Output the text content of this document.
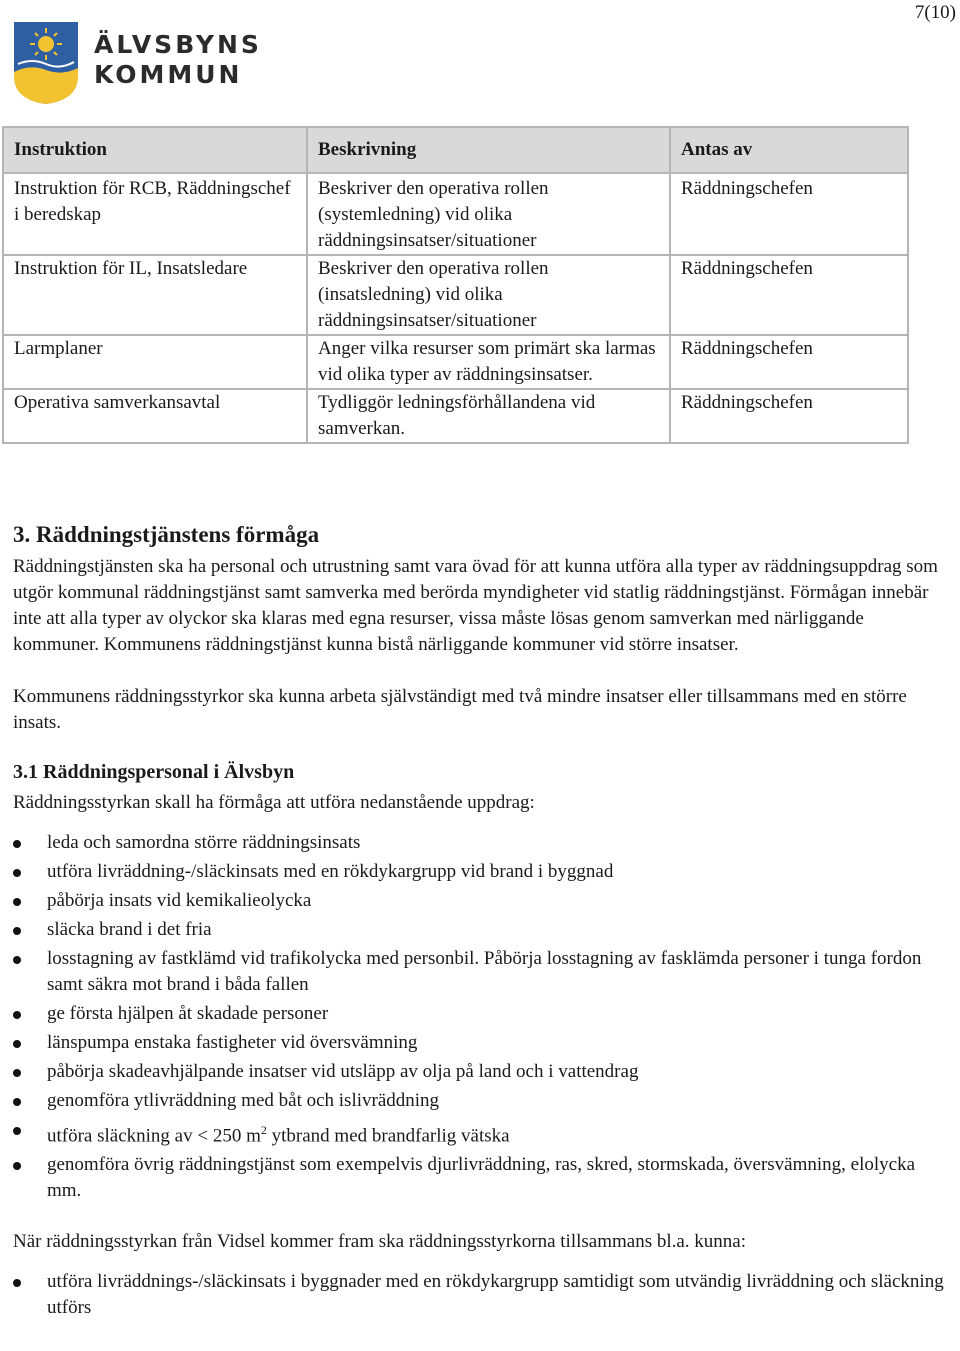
7(10)
ÄLVSBYNS
KOMMUN
Instruktion	Beskrivning	Antas av
Instruktion för RCB, Räddningschef i beredskap	Beskriver den operativa rollen (systemledning) vid olika räddningsinsatser/situationer	Räddningschefen
Instruktion för IL, Insatsledare	Beskriver den operativa rollen (insatsledning) vid olika räddningsinsatser/situationer	Räddningschefen
Larmplaner	Anger vilka resurser som primärt ska larmas vid olika typer av räddningsinsatser.	Räddningschefen
Operativa samverkansavtal	Tydliggör ledningsförhållandena vid samverkan.	Räddningschefen
3. Räddningstjänstens förmåga

Räddningstjänsten ska ha personal och utrustning samt vara övad för att kunna utföra alla typer av räddningsuppdrag som utgör kommunal räddningstjänst samt samverka med berörda myndigheter vid statlig räddningstjänst. Förmågan innebär inte att alla typer av olyckor ska klaras med egna resurser, vissa måste lösas genom samverkan med närliggande kommuner. Kommunens räddningstjänst kunna bistå närliggande kommuner vid större insatser.

Kommunens räddningsstyrkor ska kunna arbeta självständigt med två mindre insatser eller tillsammans med en större insats.

3.1 Räddningspersonal i Älvsbyn

Räddningsstyrkan skall ha förmåga att utföra nedanstående uppdrag:

leda och samordna större räddningsinsats
utföra livräddning-/släckinsats med en rökdykargrupp vid brand i byggnad
påbörja insats vid kemikalieolycka
släcka brand i det fria
losstagning av fastklämd vid trafikolycka med personbil. Påbörja losstagning av fasklämda personer i tunga fordon samt säkra mot brand i båda fallen
ge första hjälpen åt skadade personer
länspumpa enstaka fastigheter vid översvämning
påbörja skadeavhjälpande insatser vid utsläpp av olja på land och i vattendrag
genomföra ytlivräddning med båt och islivräddning
utföra släckning av < 250 $m^2$ ytbrand med brandfarlig vätska
genomföra övrig räddningstjänst som exempelvis djurlivräddning, ras, skred, stormskada, översvämning, elolycka mm.

När räddningsstyrkan från Vidsel kommer fram ska räddningsstyrkorna tillsammans bl.a. kunna:

utföra livräddnings-/släckinsats i byggnader med en rökdykargrupp samtidigt som utvändig livräddning och släckning utförs
